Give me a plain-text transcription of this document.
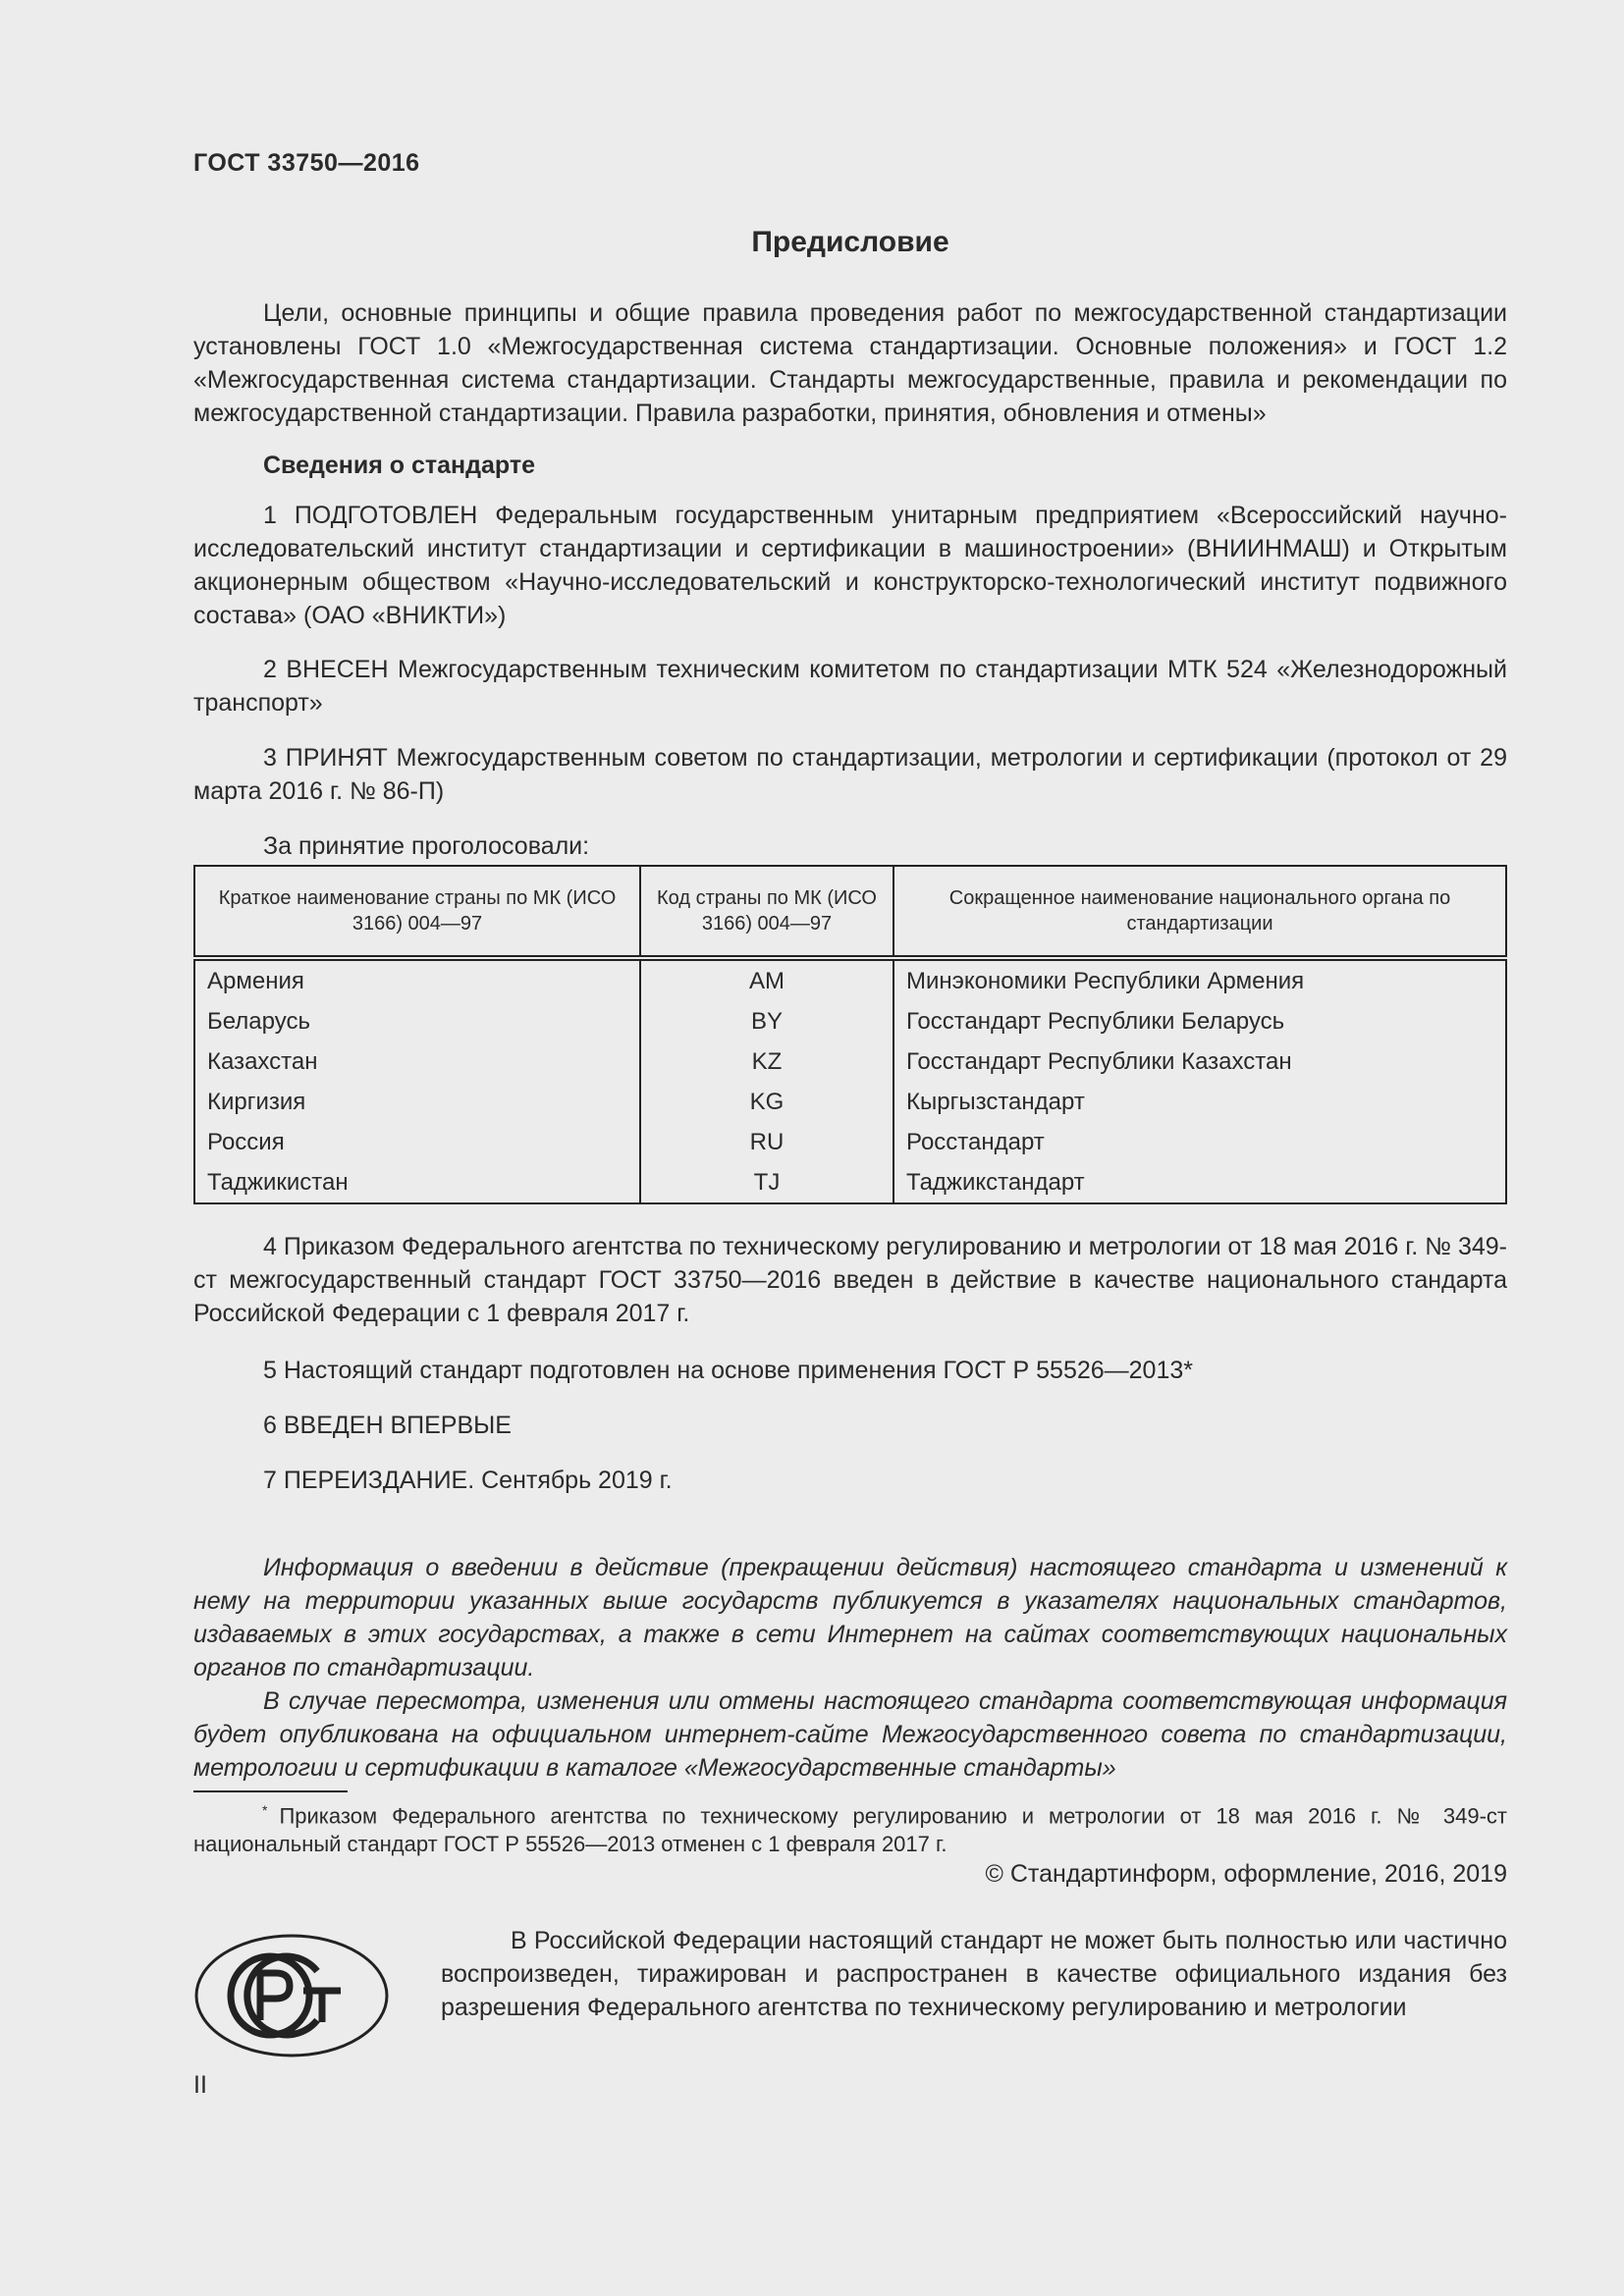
ГОСТ 33750—2016
Предисловие
Цели, основные принципы и общие правила проведения работ по межгосударственной стандартизации установлены ГОСТ 1.0 «Межгосударственная система стандартизации. Основные положения» и ГОСТ 1.2 «Межгосударственная система стандартизации. Стандарты межгосударственные, правила и рекомендации по межгосударственной стандартизации. Правила разработки, принятия, обновления и отмены»
Сведения о стандарте
1 ПОДГОТОВЛЕН Федеральным государственным унитарным предприятием «Всероссийский научно-исследовательский институт стандартизации и сертификации в машиностроении» (ВНИИНМАШ) и Открытым акционерным обществом «Научно-исследовательский и конструкторско-технологический институт подвижного состава» (ОАО «ВНИКТИ»)
2 ВНЕСЕН Межгосударственным техническим комитетом по стандартизации МТК 524 «Железнодорожный транспорт»
3 ПРИНЯТ Межгосударственным советом по стандартизации, метрологии и сертификации (протокол от 29 марта 2016 г. № 86-П)
За принятие проголосовали:
Краткое наименование страны по МК (ИСО 3166) 004—97	Код страны по МК (ИСО 3166) 004—97	Сокращенное наименование национального органа по стандартизации
Армения	AM	Минэкономики Республики Армения
Беларусь	BY	Госстандарт Республики Беларусь
Казахстан	KZ	Госстандарт Республики Казахстан
Киргизия	KG	Кыргызстандарт
Россия	RU	Росстандарт
Таджикистан	TJ	Таджикстандарт
4 Приказом Федерального агентства по техническому регулированию и метрологии от 18 мая 2016 г. № 349-ст межгосударственный стандарт ГОСТ 33750—2016 введен в действие в качестве национального стандарта Российской Федерации с 1 февраля 2017 г.
5 Настоящий стандарт подготовлен на основе применения ГОСТ Р 55526—2013*
6 ВВЕДЕН ВПЕРВЫЕ
7 ПЕРЕИЗДАНИЕ. Сентябрь 2019 г.
Информация о введении в действие (прекращении действия) настоящего стандарта и изменений к нему на территории указанных выше государств публикуется в указателях национальных стандартов, издаваемых в этих государствах, а также в сети Интернет на сайтах соответствующих национальных органов по стандартизации.
В случае пересмотра, изменения или отмены настоящего стандарта соответствующая информация будет опубликована на официальном интернет-сайте Межгосударственного совета по стандартизации, метрологии и сертификации в каталоге «Межгосударственные стандарты»
* Приказом Федерального агентства по техническому регулированию и метрологии от 18 мая 2016 г. № 349-ст национальный стандарт ГОСТ Р 55526—2013 отменен с 1 февраля 2017 г.
© Стандартинформ, оформление, 2016, 2019
В Российской Федерации настоящий стандарт не может быть полностью или частично воспроизведен, тиражирован и распространен в качестве официального издания без разрешения Федерального агентства по техническому регулированию и метрологии
II
